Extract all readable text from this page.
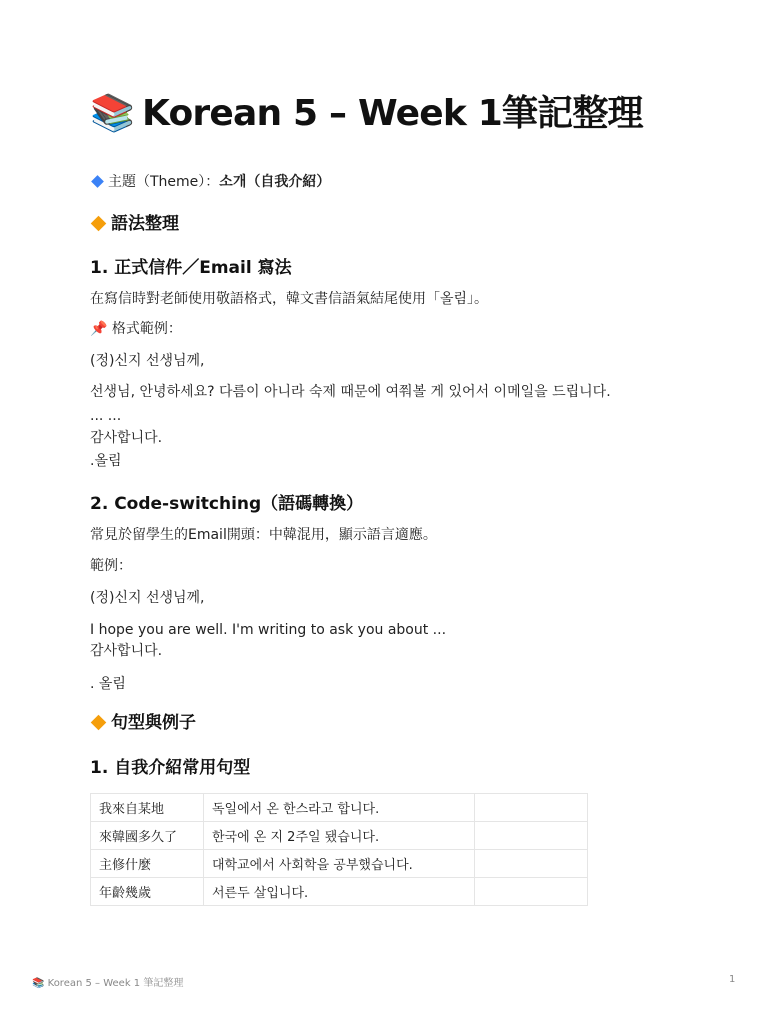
📚 Korean 5 – Week 1筆記整理
主題（Theme）：소개（自我介紹）
語法整理
1. 正式信件／Email 寫法
在寫信時對老師使用敬語格式，韓文書信語氣結尾使用「올림」。
📌 格式範例：
(정)신지 선생님께,
선생님, 안녕하세요? 다름이 아니라 숙제 때문에 여쭤볼 게 있어서 이메일을 드립니다.
... ...
감사합니다.
.올림
2. Code-switching（語碼轉換）
常見於留學生的Email開頭：中韓混用，顯示語言適應。
範例：
(정)신지 선생님께,
I hope you are well. I'm writing to ask you about ...
감사합니다.
. 올림
句型與例子
1. 自我介紹常用句型
我來自某地	독일에서 온 한스라고 합니다.	
來韓國多久了	한국에 온 지 2주일 됐습니다.	
主修什麼	대학교에서 사회학을 공부했습니다.	
年齡幾歲	서른두 살입니다.	
📚 Korean 5 – Week 1 筆記整理	1
